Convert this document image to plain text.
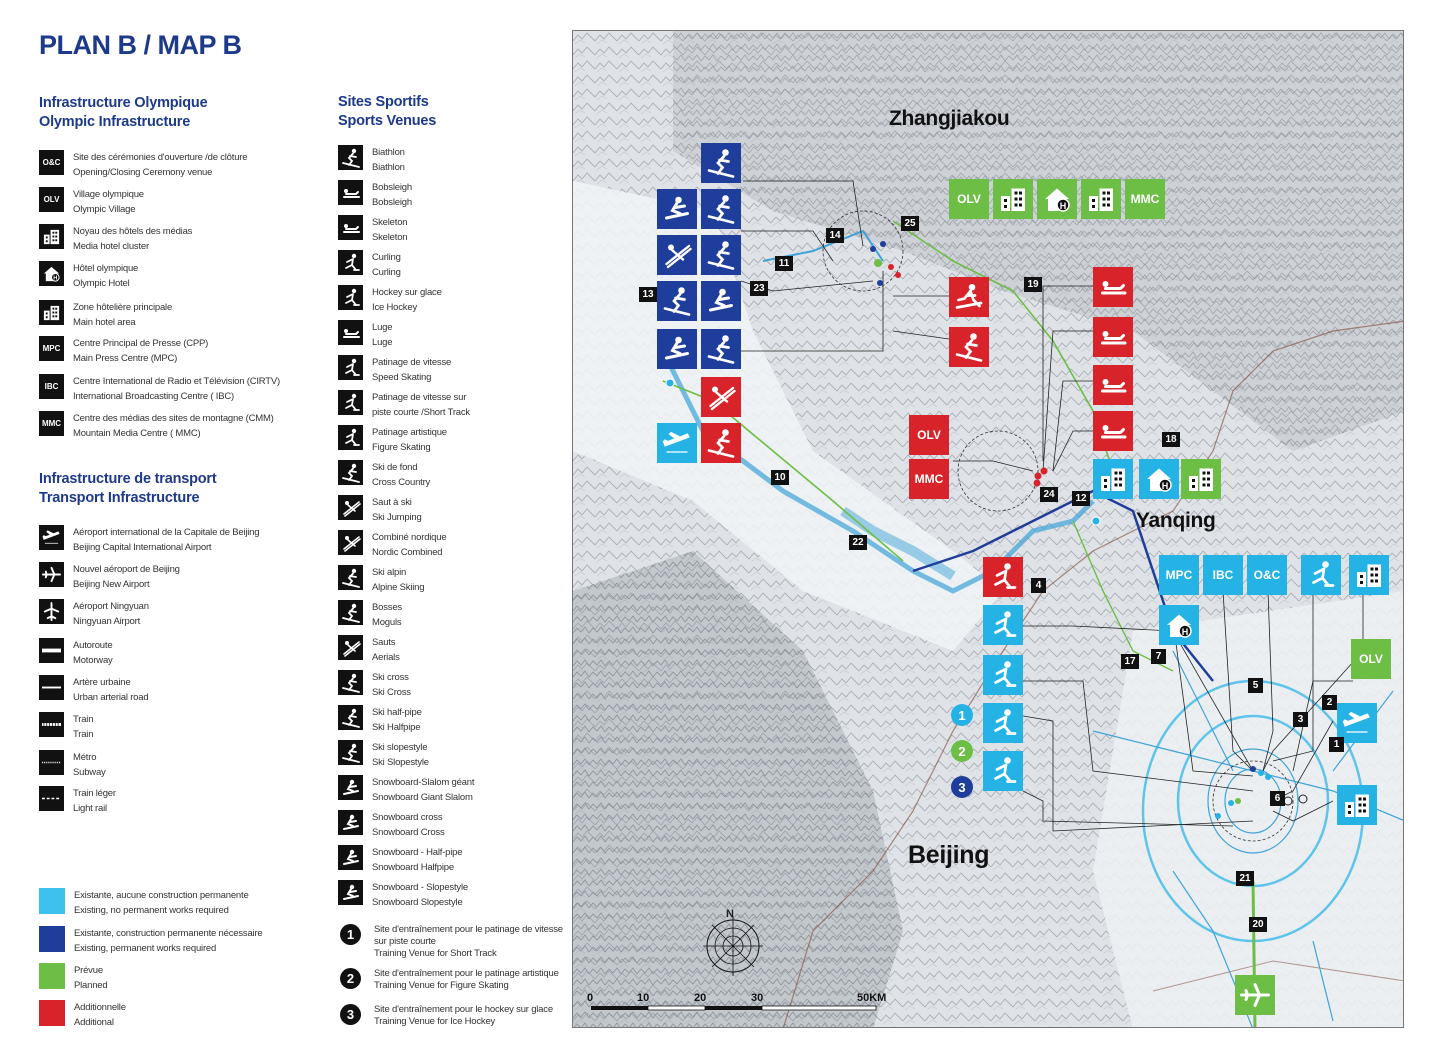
PLAN B / MAP B
Infrastructure Olympique
Olympic Infrastructure
O&C	Site des cérémonies d'ouverture /de clôture
Opening/Closing Ceremony venue
OLV	Village olympique
Olympic Village
Noyau des hôtels des médias
Media hotel cluster
H
Hôtel olympique
Olympic Hotel
Zone hôtelière principale
Main hotel area
MPC	Centre Principal de Presse (CPP)
Main Press Centre (MPC)
IBC	Centre International de Radio et Télévision (CIRTV)
International Broadcasting Centre ( IBC)
MMC	Centre des médias des sites de montagne (CMM)
Mountain Media Centre ( MMC)
Infrastructure de transport
Transport Infrastructure
Aéroport international de la Capitale de Beijing
Beijing Capital International Airport
Nouvel aéroport de Beijing
Beijing New Airport
Aéroport Ningyuan
Ningyuan Airport
Autoroute
Motorway
Artère urbaine
Urban arterial road
Train
Train
Métro
Subway
Train léger
Light rail
Existante, aucune construction permanente
Existing, no permanent works required
Existante, construction permanente nécessaire
Existing, permanent works required
Prévue
Planned
Additionnelle
Additional
Sites Sportifs
Sports Venues
Biathlon
Biathlon
Bobsleigh
Bobsleigh
Skeleton
Skeleton
Curling
Curling
Hockey sur glace
Ice Hockey
Luge
Luge
Patinage de vitesse
Speed Skating
Patinage de vitesse sur
piste courte /Short Track
Patinage artistique
Figure Skating
Ski de fond
Cross Country
Saut à ski
Ski Jumping
Combiné nordique
Nordic Combined
Ski alpin
Alpine Skiing
Bosses
Moguls
Sauts
Aerials
Ski cross
Ski Cross
Ski half-pipe
Ski Halfpipe
Ski slopestyle
Ski Slopestyle
Snowboard-Slalom géant
Snowboard Giant Slalom
Snowboard cross
Snowboard Cross
Snowboard - Half-pipe
Snowboard Halfpipe
Snowboard - Slopestyle
Snowboard Slopestyle
1	Site d'entraînement pour le patinage de vitesse
sur piste courte
Training Venue for Short Track
2	Site d'entraînement pour le patinage artistique
Training Venue for Figure Skating
3	Site d'entraînement pour le hockey sur glace
Training Venue for Ice Hockey
Zhangjiakou
Yanqing
Beijing
N
0	10	20	30	50KM
OLV	H	MMC
OLV
MMC	H
MPC	IBC	O&C
H
OLV
1
2
3
4
5
6
7
10
11
12
13
14
17
18
19
20
21
22
23
24
25
1
2
3
